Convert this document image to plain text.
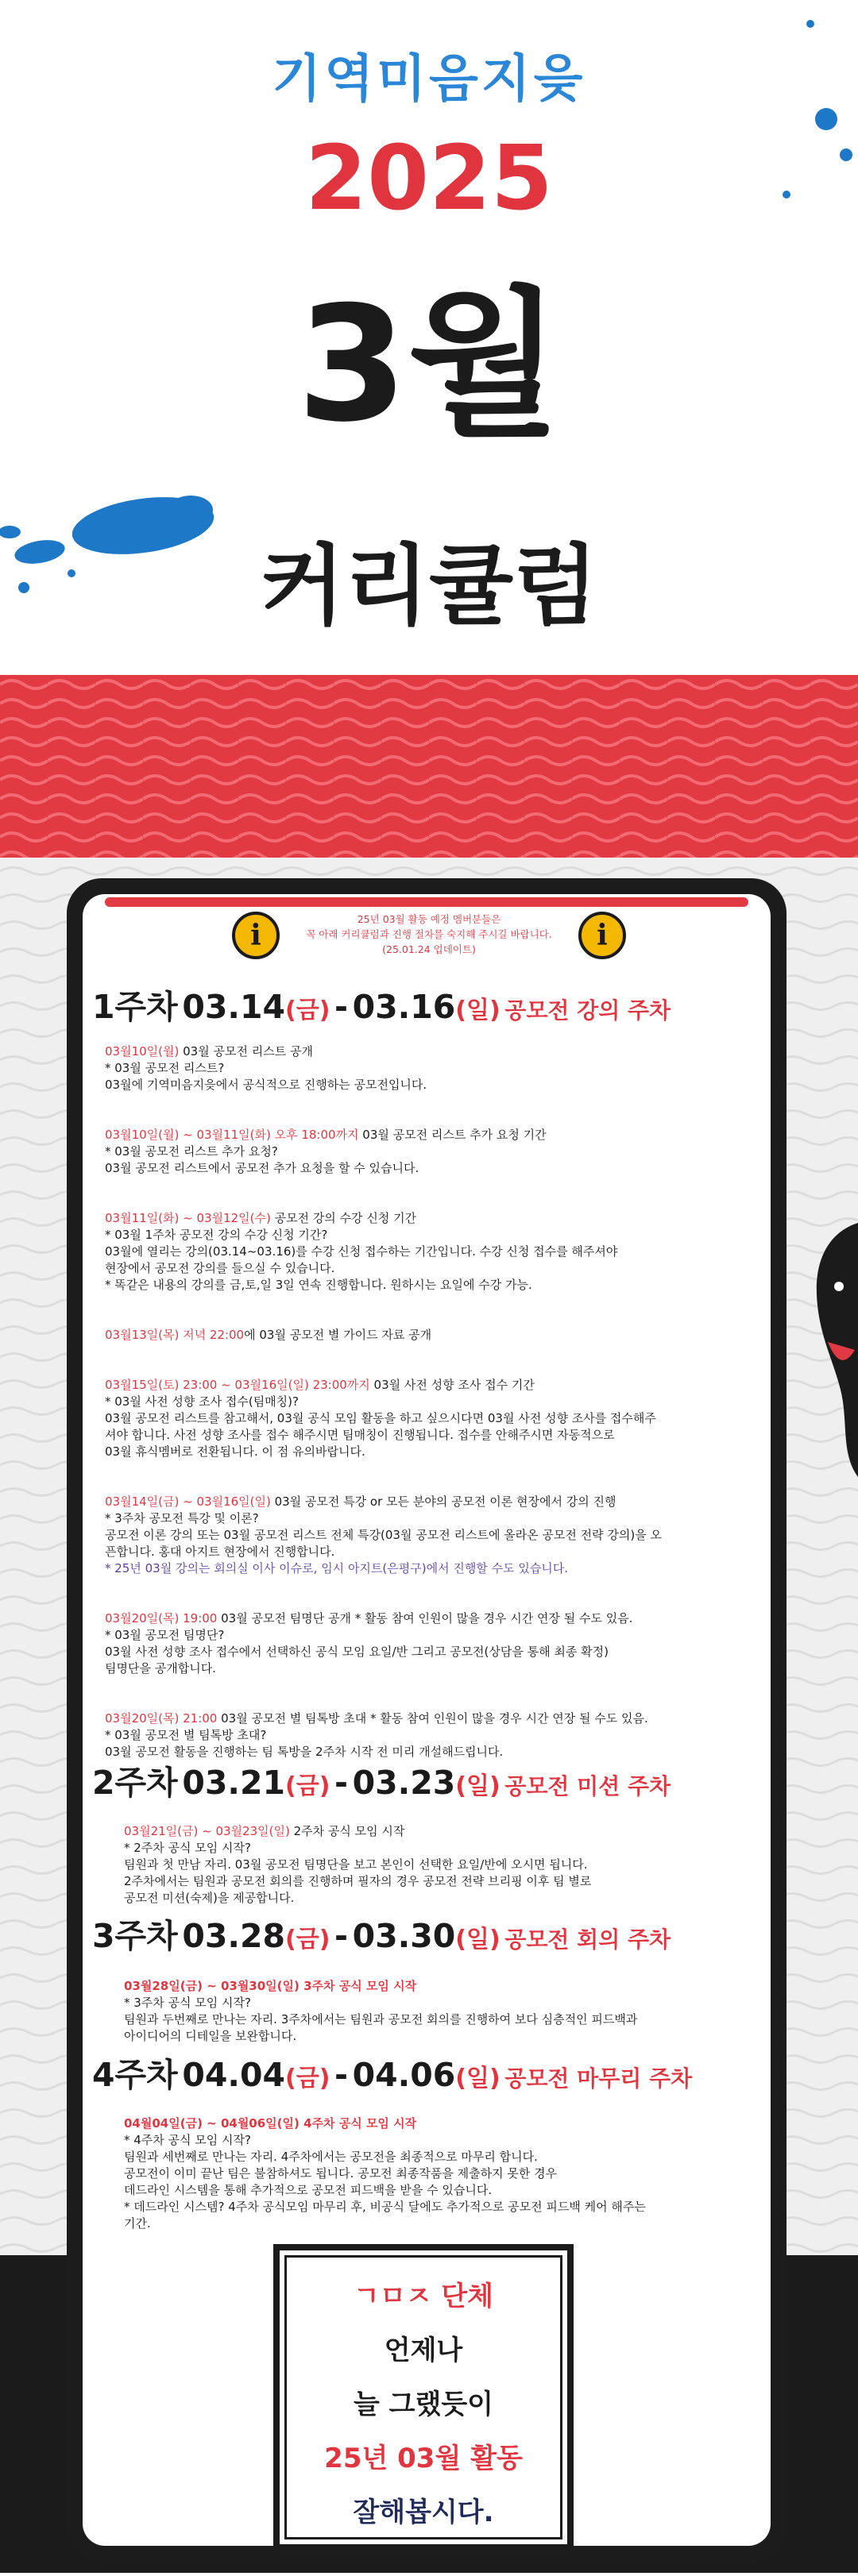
기역미음지읒
2025
3월
커리큘럼
25년 03월 활동 예정 멤버분들은
꼭 아래 커리큘럼과 진행 절차를 숙지해 주시길 바랍니다.
(25.01.24 업데이트)
i	i
1주차 03.14(금) - 03.16(일) 공모전 강의 주차

03월10일(월) 03월 공모전 리스트 공개
* 03월 공모전 리스트?
03월에 기역미음지읒에서 공식적으로 진행하는 공모전입니다.

03월10일(월) ~ 03월11일(화) 오후 18:00까지 03월 공모전 리스트 추가 요청 기간
* 03월 공모전 리스트 추가 요청?
03월 공모전 리스트에서 공모전 추가 요청을 할 수 있습니다.

03월11일(화) ~ 03월12일(수) 공모전 강의 수강 신청 기간
* 03월 1주차 공모전 강의 수강 신청 기간?
03월에 열리는 강의(03.14~03.16)를 수강 신청 접수하는 기간입니다. 수강 신청 접수를 해주셔야
현장에서 공모전 강의를 들으실 수 있습니다.
* 똑같은 내용의 강의를 금,토,일 3일 연속 진행합니다. 원하시는 요일에 수강 가능.

03월13일(목) 저녁 22:00에 03월 공모전 별 가이드 자료 공개

03월15일(토) 23:00 ~ 03월16일(일) 23:00까지 03월 사전 성향 조사 접수 기간
* 03월 사전 성향 조사 접수(팀매칭)?
03월 공모전 리스트를 참고해서, 03월 공식 모임 활동을 하고 싶으시다면 03월 사전 성향 조사를 접수해주
셔야 합니다. 사전 성향 조사를 접수 해주시면 팀매칭이 진행됩니다. 접수를 안해주시면 자동적으로
03월 휴식멤버로 전환됩니다. 이 점 유의바랍니다.

03월14일(금) ~ 03월16일(일) 03월 공모전 특강 or 모든 분야의 공모전 이론 현장에서 강의 진행
* 3주차 공모전 특강 및 이론?
공모전 이론 강의 또는 03월 공모전 리스트 전체 특강(03월 공모전 리스트에 올라온 공모전 전략 강의)을 오
픈합니다. 홍대 아지트 현장에서 진행합니다.
* 25년 03월 강의는 회의실 이사 이슈로, 임시 아지트(은평구)에서 진행할 수도 있습니다.

03월20일(목) 19:00 03월 공모전 팀명단 공개 * 활동 참여 인원이 많을 경우 시간 연장 될 수도 있음.
* 03월 공모전 팀명단?
03월 사전 성향 조사 접수에서 선택하신 공식 모임 요일/반 그리고 공모전(상담을 통해 최종 확정)
팀명단을 공개합니다.

03월20일(목) 21:00 03월 공모전 별 팀톡방 초대 * 활동 참여 인원이 많을 경우 시간 연장 될 수도 있음.
* 03월 공모전 별 팀톡방 초대?
03월 공모전 활동을 진행하는 팀 톡방을 2주차 시작 전 미리 개설해드립니다.

2주차 03.21(금) - 03.23(일) 공모전 미션 주차

03월21일(금) ~ 03월23일(일) 2주차 공식 모임 시작

* 2주차 공식 모임 시작?
팀원과 첫 만남 자리. 03월 공모전 팀명단을 보고 본인이 선택한 요일/반에 오시면 됩니다.
2주차에서는 팀원과 공모전 회의를 진행하며 필자의 경우 공모전 전략 브리핑 이후 팀 별로
공모전 미션(숙제)을 제공합니다.

3주차 03.28(금) - 03.30(일) 공모전 회의 주차

03월28일(금) ~ 03월30일(일) 3주차 공식 모임 시작

* 3주차 공식 모임 시작?
팀원과 두번째로 만나는 자리. 3주차에서는 팀원과 공모전 회의를 진행하여 보다 심층적인 피드백과
아이디어의 디테일을 보완합니다.

4주차 04.04(금) - 04.06(일) 공모전 마무리 주차

04월04일(금) ~ 04월06일(일) 4주차 공식 모임 시작

* 4주차 공식 모임 시작?
팀원과 세번째로 만나는 자리. 4주차에서는 공모전을 최종적으로 마무리 합니다.
공모전이 이미 끝난 팀은 불참하셔도 됩니다. 공모전 최종작품을 제출하지 못한 경우
데드라인 시스템을 통해 추가적으로 공모전 피드백을 받을 수 있습니다.
* 데드라인 시스템? 4주차 공식모임 마무리 후, 비공식 달에도 추가적으로 공모전 피드백 케어 해주는
기간.

ㄱㅁㅈ 단체
언제나
늘 그랬듯이
25년 03월 활동
잘해봅시다.
